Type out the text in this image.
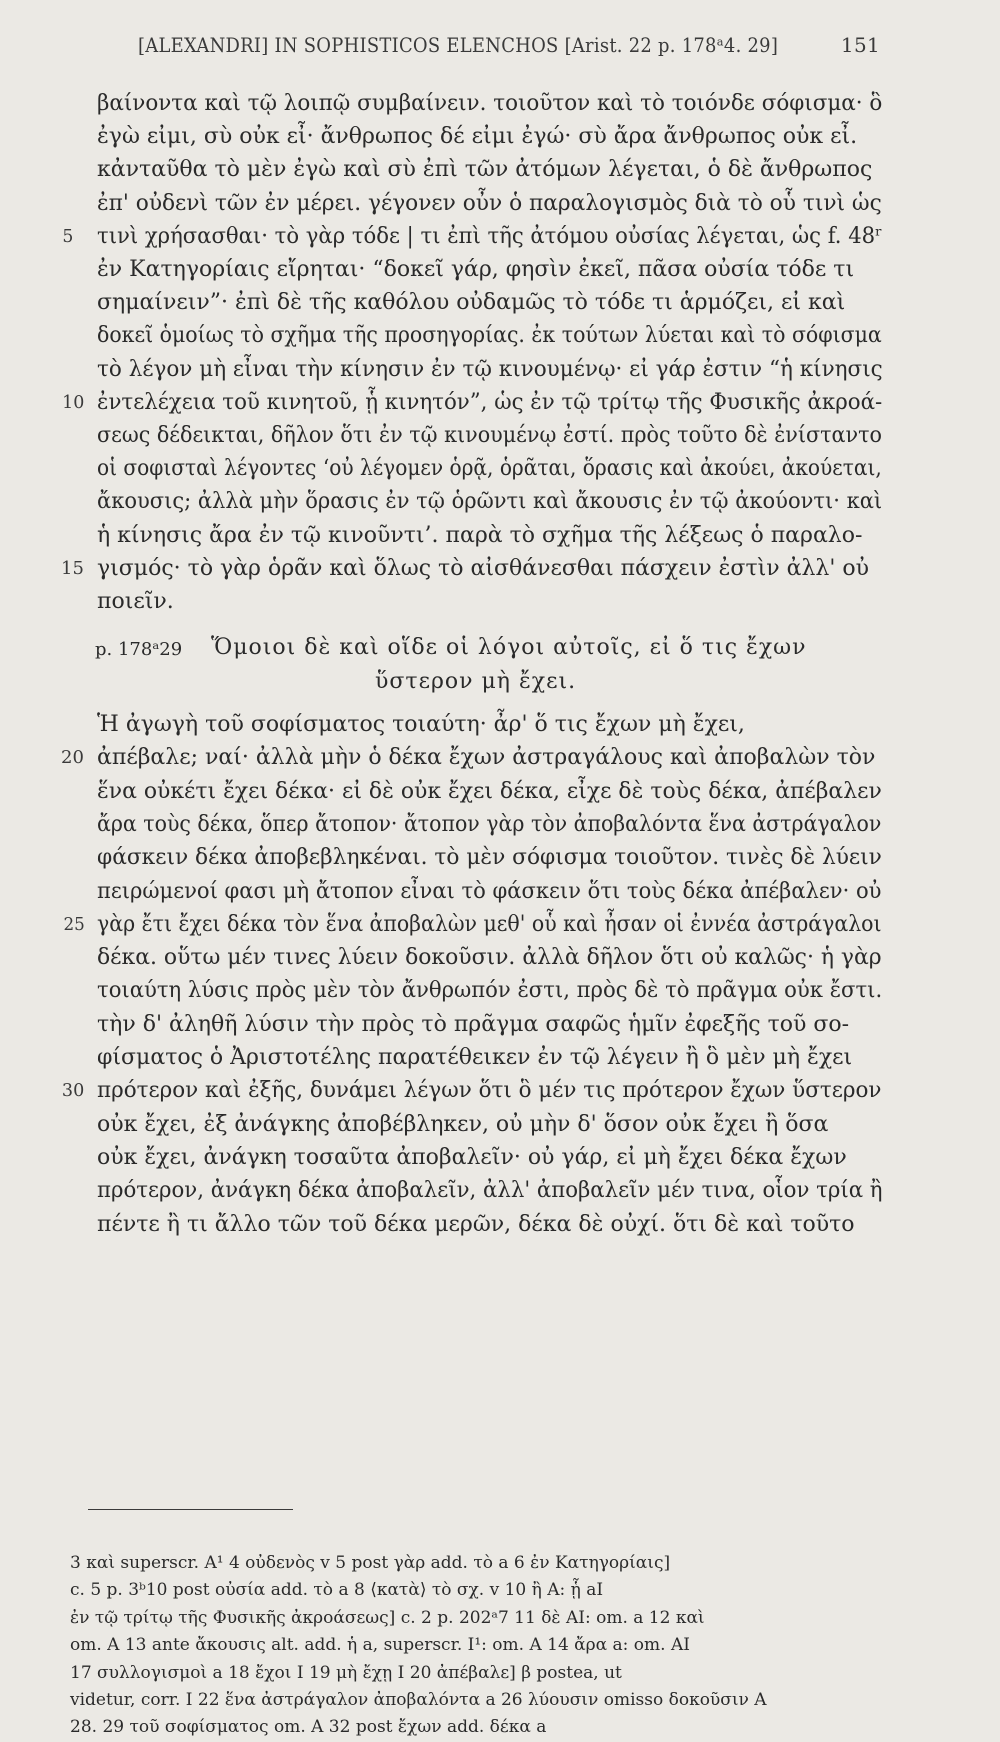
[ALEXANDRI] IN SOPHISTICOS ELENCHOS [Arist. 22 p. 178ᵃ4. 29]	151
βαίνοντα καὶ τῷ λοιπῷ συμβαίνειν. τοιοῦτον καὶ τὸ τοιόνδε σόφισμα· ὃ
ἐγὼ εἰμι, σὺ οὐκ εἶ· ἄνθρωπος δέ εἰμι ἐγώ· σὺ ἄρα ἄνθρωπος οὐκ εἶ.
κἀνταῦθα τὸ μὲν ἐγὼ καὶ σὺ ἐπὶ τῶν ἀτόμων λέγεται, ὁ δὲ ἄνθρωπος
ἐπ' οὐδενὶ τῶν ἐν μέρει. γέγονεν οὖν ὁ παραλογισμὸς διὰ τὸ οὗ τινὶ ὡς
5	τινὶ χρήσασθαι· τὸ γὰρ τόδε | τι ἐπὶ τῆς ἀτόμου οὐσίας λέγεται, ὡς f. 48ʳ
ἐν Κατηγορίαις εἴρηται· “δοκεῖ γάρ, φησὶν ἐκεῖ, πᾶσα οὐσία τόδε τι
σημαίνειν”· ἐπὶ δὲ τῆς καθόλου οὐδαμῶς τὸ τόδε τι ἁρμόζει, εἰ καὶ
δοκεῖ ὁμοίως τὸ σχῆμα τῆς προσηγορίας. ἐκ τούτων λύεται καὶ τὸ σόφισμα
τὸ λέγον μὴ εἶναι τὴν κίνησιν ἐν τῷ κινουμένῳ· εἰ γάρ ἐστιν “ἡ κίνησις
10 ἐντελέχεια τοῦ κινητοῦ, ᾗ κινητόν”, ὡς ἐν τῷ τρίτῳ τῆς Φυσικῆς ἀκροά-
σεως δέδεικται, δῆλον ὅτι ἐν τῷ κινουμένῳ ἐστί. πρὸς τοῦτο δὲ ἐνίσταντο
οἱ σοφισταὶ λέγοντες ‘οὐ λέγομεν ὁρᾷ, ὁρᾶται, ὅρασις καὶ ἀκούει, ἀκούεται,
ἄκουσις; ἀλλὰ μὴν ὅρασις ἐν τῷ ὁρῶντι καὶ ἄκουσις ἐν τῷ ἀκούοντι· καὶ
ἡ κίνησις ἄρα ἐν τῷ κινοῦντι’. παρὰ τὸ σχῆμα τῆς λέξεως ὁ παραλο-
15 γισμός· τὸ γὰρ ὁρᾶν καὶ ὅλως τὸ αἰσθάνεσθαι πάσχειν ἐστὶν ἀλλ' οὐ
ποιεῖν.
p. 178ᵃ29 Ὅμοιοι δὲ καὶ οἵδε οἱ λόγοι αὐτοῖς, εἰ ὅ τις ἔχων
ὕστερον μὴ ἔχει.
Ἡ ἀγωγὴ τοῦ σοφίσματος τοιαύτη· ἆρ' ὅ τις ἔχων μὴ ἔχει,
20 ἀπέβαλε; ναί· ἀλλὰ μὴν ὁ δέκα ἔχων ἀστραγάλους καὶ ἀποβαλὼν τὸν
ἕνα οὐκέτι ἔχει δέκα· εἰ δὲ οὐκ ἔχει δέκα, εἶχε δὲ τοὺς δέκα, ἀπέβαλεν
ἄρα τοὺς δέκα, ὅπερ ἄτοπον· ἄτοπον γὰρ τὸν ἀποβαλόντα ἕνα ἀστράγαλον
φάσκειν δέκα ἀποβεβληκέναι. τὸ μὲν σόφισμα τοιοῦτον. τινὲς δὲ λύειν
πειρώμενοί φασι μὴ ἄτοπον εἶναι τὸ φάσκειν ὅτι τοὺς δέκα ἀπέβαλεν· οὐ
25 γὰρ ἔτι ἔχει δέκα τὸν ἕνα ἀποβαλὼν μεθ' οὗ καὶ ἦσαν οἱ ἐννέα ἀστράγαλοι
δέκα. οὕτω μέν τινες λύειν δοκοῦσιν. ἀλλὰ δῆλον ὅτι οὐ καλῶς· ἡ γὰρ
τοιαύτη λύσις πρὸς μὲν τὸν ἄνθρωπόν ἐστι, πρὸς δὲ τὸ πρᾶγμα οὐκ ἔστι.
τὴν δ' ἀληθῆ λύσιν τὴν πρὸς τὸ πρᾶγμα σαφῶς ἡμῖν ἐφεξῆς τοῦ σο-
φίσματος ὁ Ἀριστοτέλης παρατέθεικεν ἐν τῷ λέγειν ἢ ὃ μὲν μὴ ἔχει
30 πρότερον καὶ ἐξῆς, δυνάμει λέγων ὅτι ὃ μέν τις πρότερον ἔχων ὕστερον
οὐκ ἔχει, ἐξ ἀνάγκης ἀποβέβληκεν, οὐ μὴν δ' ὅσον οὐκ ἔχει ἢ ὅσα
οὐκ ἔχει, ἀνάγκη τοσαῦτα ἀποβαλεῖν· οὐ γάρ, εἰ μὴ ἔχει δέκα ἔχων
πρότερον, ἀνάγκη δέκα ἀποβαλεῖν, ἀλλ' ἀποβαλεῖν μέν τινα, οἷον τρία ἢ
πέντε ἢ τι ἄλλο τῶν τοῦ δέκα μερῶν, δέκα δὲ οὐχί. ὅτι δὲ καὶ τοῦτο
3 καὶ superscr. A¹ 4 οὐδενὸς v 5 post γὰρ add. τὸ a 6 ἐν Κατηγορίαις]
c. 5 p. 3ᵇ10 post οὐσία add. τὸ a 8 ⟨κατὰ⟩ τὸ σχ. v 10 ἢ A: ᾗ aI
ἐν τῷ τρίτῳ τῆς Φυσικῆς ἀκροάσεως] c. 2 p. 202ᵃ7 11 δὲ AI: om. a 12 καὶ
om. A 13 ante ἄκουσις alt. add. ἡ a, superscr. I¹: om. A 14 ἄρα a: om. AI
17 συλλογισμοὶ a 18 ἔχοι I 19 μὴ ἔχῃ I 20 ἀπέβαλε] β postea, ut
videtur, corr. I 22 ἕνα ἀστράγαλον ἀποβαλόντα a 26 λύουσιν omisso δοκοῦσιν A
28. 29 τοῦ σοφίσματος om. A 32 post ἔχων add. δέκα a
